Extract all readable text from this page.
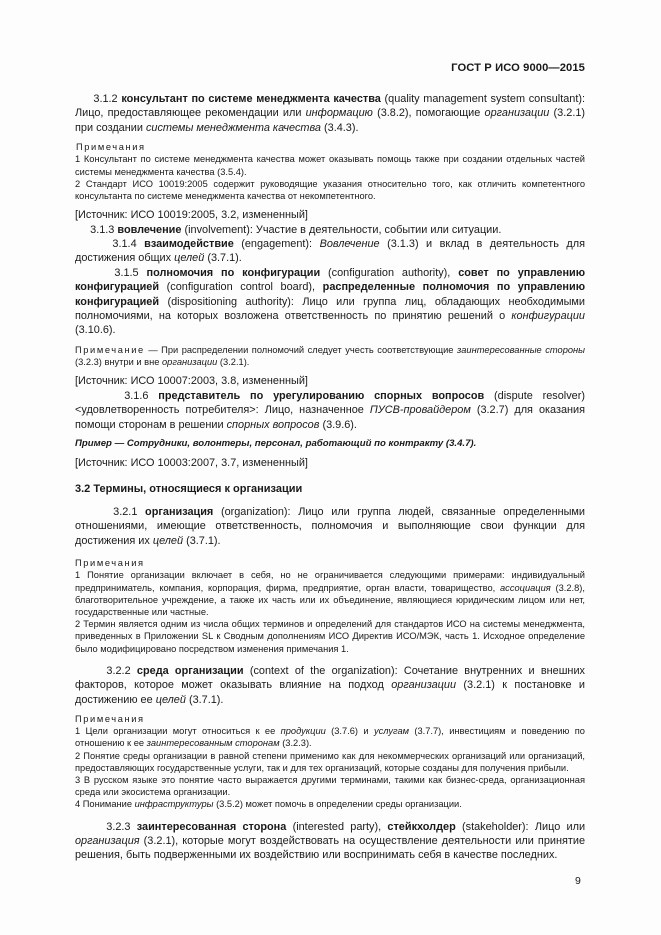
ГОСТ Р ИСО 9000—2015
3.1.2 консультант по системе менеджмента качества (quality management system consultant): Лицо, предоставляющее рекомендации или информацию (3.8.2), помогающие организации (3.2.1) при создании системы менеджмента качества (3.4.3).
Примечания
1 Консультант по системе менеджмента качества может оказывать помощь также при создании отдельных частей системы менеджмента качества (3.5.4).
2 Стандарт ИСО 10019:2005 содержит руководящие указания относительно того, как отличить компетентного консультанта по системе менеджмента качества от некомпетентного.
[Источник: ИСО 10019:2005, 3.2, измененный]
3.1.3 вовлечение (involvement): Участие в деятельности, событии или ситуации.
3.1.4 взаимодействие (engagement): Вовлечение (3.1.3) и вклад в деятельность для достижения общих целей (3.7.1).
3.1.5 полномочия по конфигурации (configuration authority), совет по управлению конфигурацией (configuration control board), распределенные полномочия по управлению конфигурацией (dispositioning authority): Лицо или группа лиц, обладающих необходимыми полномочиями, на которых возложена ответственность по принятию решений о конфигурации (3.10.6).
Примечание — При распределении полномочий следует учесть соответствующие заинтересованные стороны (3.2.3) внутри и вне организации (3.2.1).
[Источник: ИСО 10007:2003, 3.8, измененный]
3.1.6 представитель по урегулированию спорных вопросов (dispute resolver) <удовлетворенность потребителя>: Лицо, назначенное ПУСВ-провайдером (3.2.7) для оказания помощи сторонам в решении спорных вопросов (3.9.6).
Пример — Сотрудники, волонтеры, персонал, работающий по контракту (3.4.7).
[Источник: ИСО 10003:2007, 3.7, измененный]
3.2 Термины, относящиеся к организации
3.2.1 организация (organization): Лицо или группа людей, связанные определенными отношениями, имеющие ответственность, полномочия и выполняющие свои функции для достижения их целей (3.7.1).
Примечания
1 Понятие организации включает в себя, но не ограничивается следующими примерами: индивидуальный предприниматель, компания, корпорация, фирма, предприятие, орган власти, товарищество, ассоциация (3.2.8), благотворительное учреждение, а также их часть или их объединение, являющиеся юридическим лицом или нет, государственные или частные.
2 Термин является одним из числа общих терминов и определений для стандартов ИСО на системы менеджмента, приведенных в Приложении SL к Сводным дополнениям ИСО Директив ИСО/МЭК, часть 1. Исходное определение было модифицировано посредством изменения примечания 1.
3.2.2 среда организации (context of the organization): Сочетание внутренних и внешних факторов, которое может оказывать влияние на подход организации (3.2.1) к постановке и достижению ее целей (3.7.1).
Примечания
1 Цели организации могут относиться к ее продукции (3.7.6) и услугам (3.7.7), инвестициям и поведению по отношению к ее заинтересованным сторонам (3.2.3).
2 Понятие среды организации в равной степени применимо как для некоммерческих организаций или организаций, предоставляющих государственные услуги, так и для тех организаций, которые созданы для получения прибыли.
3 В русском языке это понятие часто выражается другими терминами, такими как бизнес-среда, организационная среда или экосистема организации.
4 Понимание инфраструктуры (3.5.2) может помочь в определении среды организации.
3.2.3 заинтересованная сторона (interested party), стейкхолдер (stakeholder): Лицо или организация (3.2.1), которые могут воздействовать на осуществление деятельности или принятие решения, быть подверженными их воздействию или воспринимать себя в качестве последних.
9
